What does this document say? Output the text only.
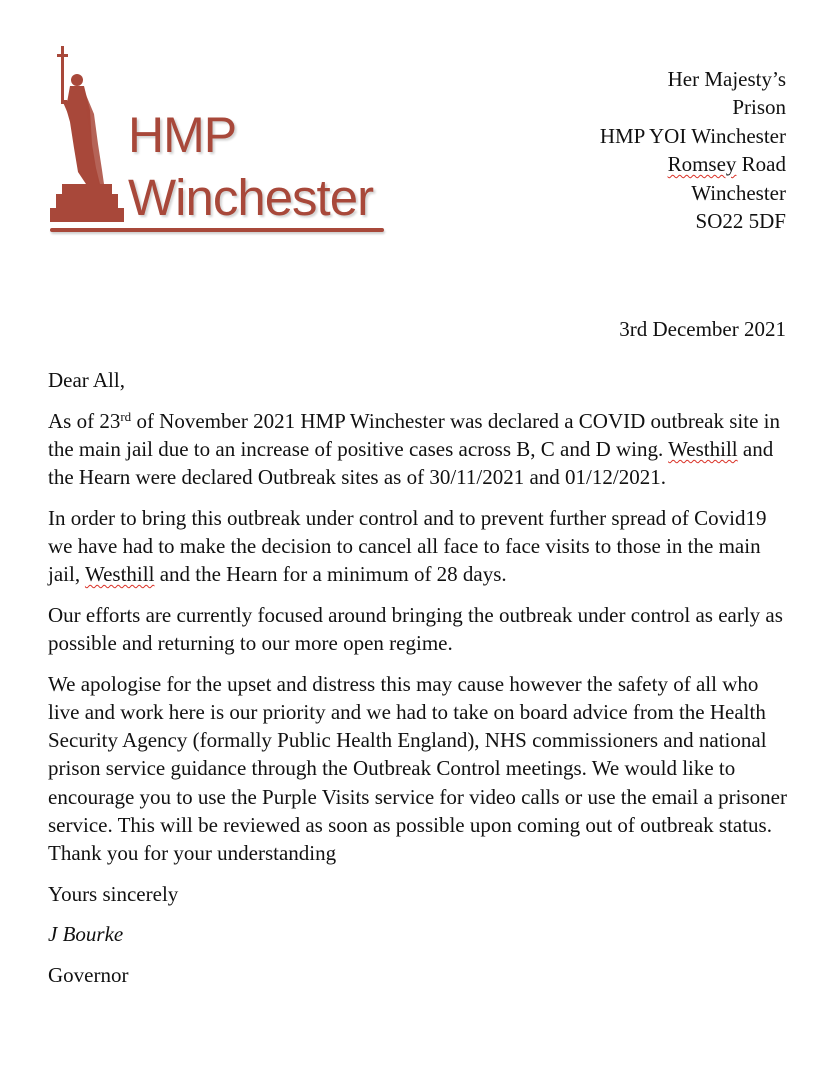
HMP
Winchester
Her Majesty’s
Prison
HMP YOI Winchester
Romsey Road
Winchester
SO22 5DF
3rd December 2021

Dear All,

As of 23rd of November 2021 HMP Winchester was declared a COVID outbreak site in the main jail due to an increase of positive cases across B, C and D wing. Westhill and the Hearn were declared Outbreak sites as of 30/11/2021 and 01/12/2021.

In order to bring this outbreak under control and to prevent further spread of Covid19 we have had to make the decision to cancel all face to face visits to those in the main jail, Westhill and the Hearn for a minimum of 28 days.

Our efforts are currently focused around bringing the outbreak under control as early as possible and returning to our more open regime.

We apologise for the upset and distress this may cause however the safety of all who live and work here is our priority and we had to take on board advice from the Health Security Agency (formally Public Health England), NHS commissioners and national prison service guidance through the Outbreak Control meetings. We would like to encourage you to use the Purple Visits service for video calls or use the email a prisoner service. This will be reviewed as soon as possible upon coming out of outbreak status. Thank you for your understanding

Yours sincerely

J Bourke

Governor
